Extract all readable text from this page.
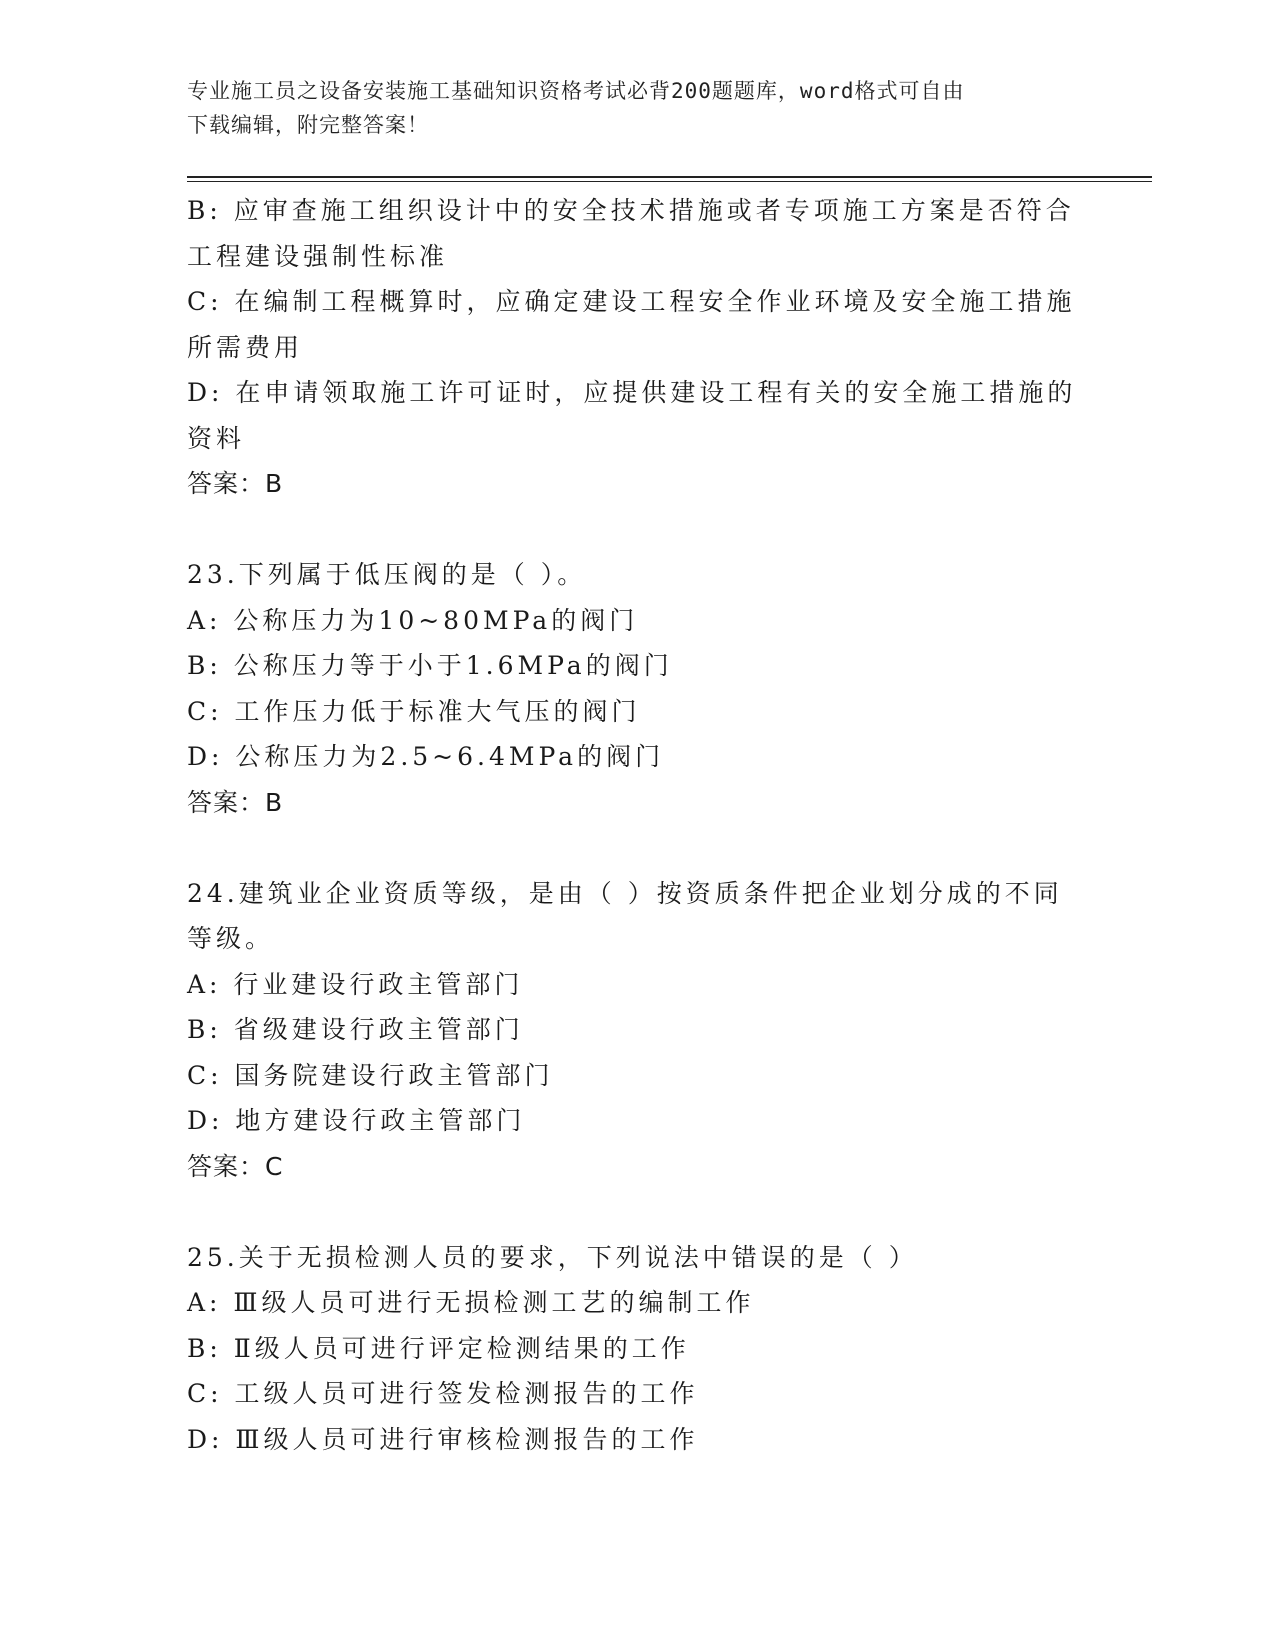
专业施工员之设备安装施工基础知识资格考试必背200题题库，word格式可自由
下载编辑，附完整答案！
B: 应审查施工组织设计中的安全技术措施或者专项施工方案是否符合
工程建设强制性标准
C: 在编制工程概算时，应确定建设工程安全作业环境及安全施工措施
所需费用
D: 在申请领取施工许可证时，应提供建设工程有关的安全施工措施的
资料
答案：B
23.下列属于低压阀的是（ ）。
A: 公称压力为10~80MPa的阀门
B: 公称压力等于小于1.6MPa的阀门
C: 工作压力低于标准大气压的阀门
D: 公称压力为2.5~6.4MPa的阀门
答案：B
24.建筑业企业资质等级，是由（ ）按资质条件把企业划分成的不同
等级。
A: 行业建设行政主管部门
B: 省级建设行政主管部门
C: 国务院建设行政主管部门
D: 地方建设行政主管部门
答案：C
25.关于无损检测人员的要求，下列说法中错误的是（ ）
A: Ⅲ级人员可进行无损检测工艺的编制工作
B: Ⅱ级人员可进行评定检测结果的工作
C: 工级人员可进行签发检测报告的工作
D: Ⅲ级人员可进行审核检测报告的工作
